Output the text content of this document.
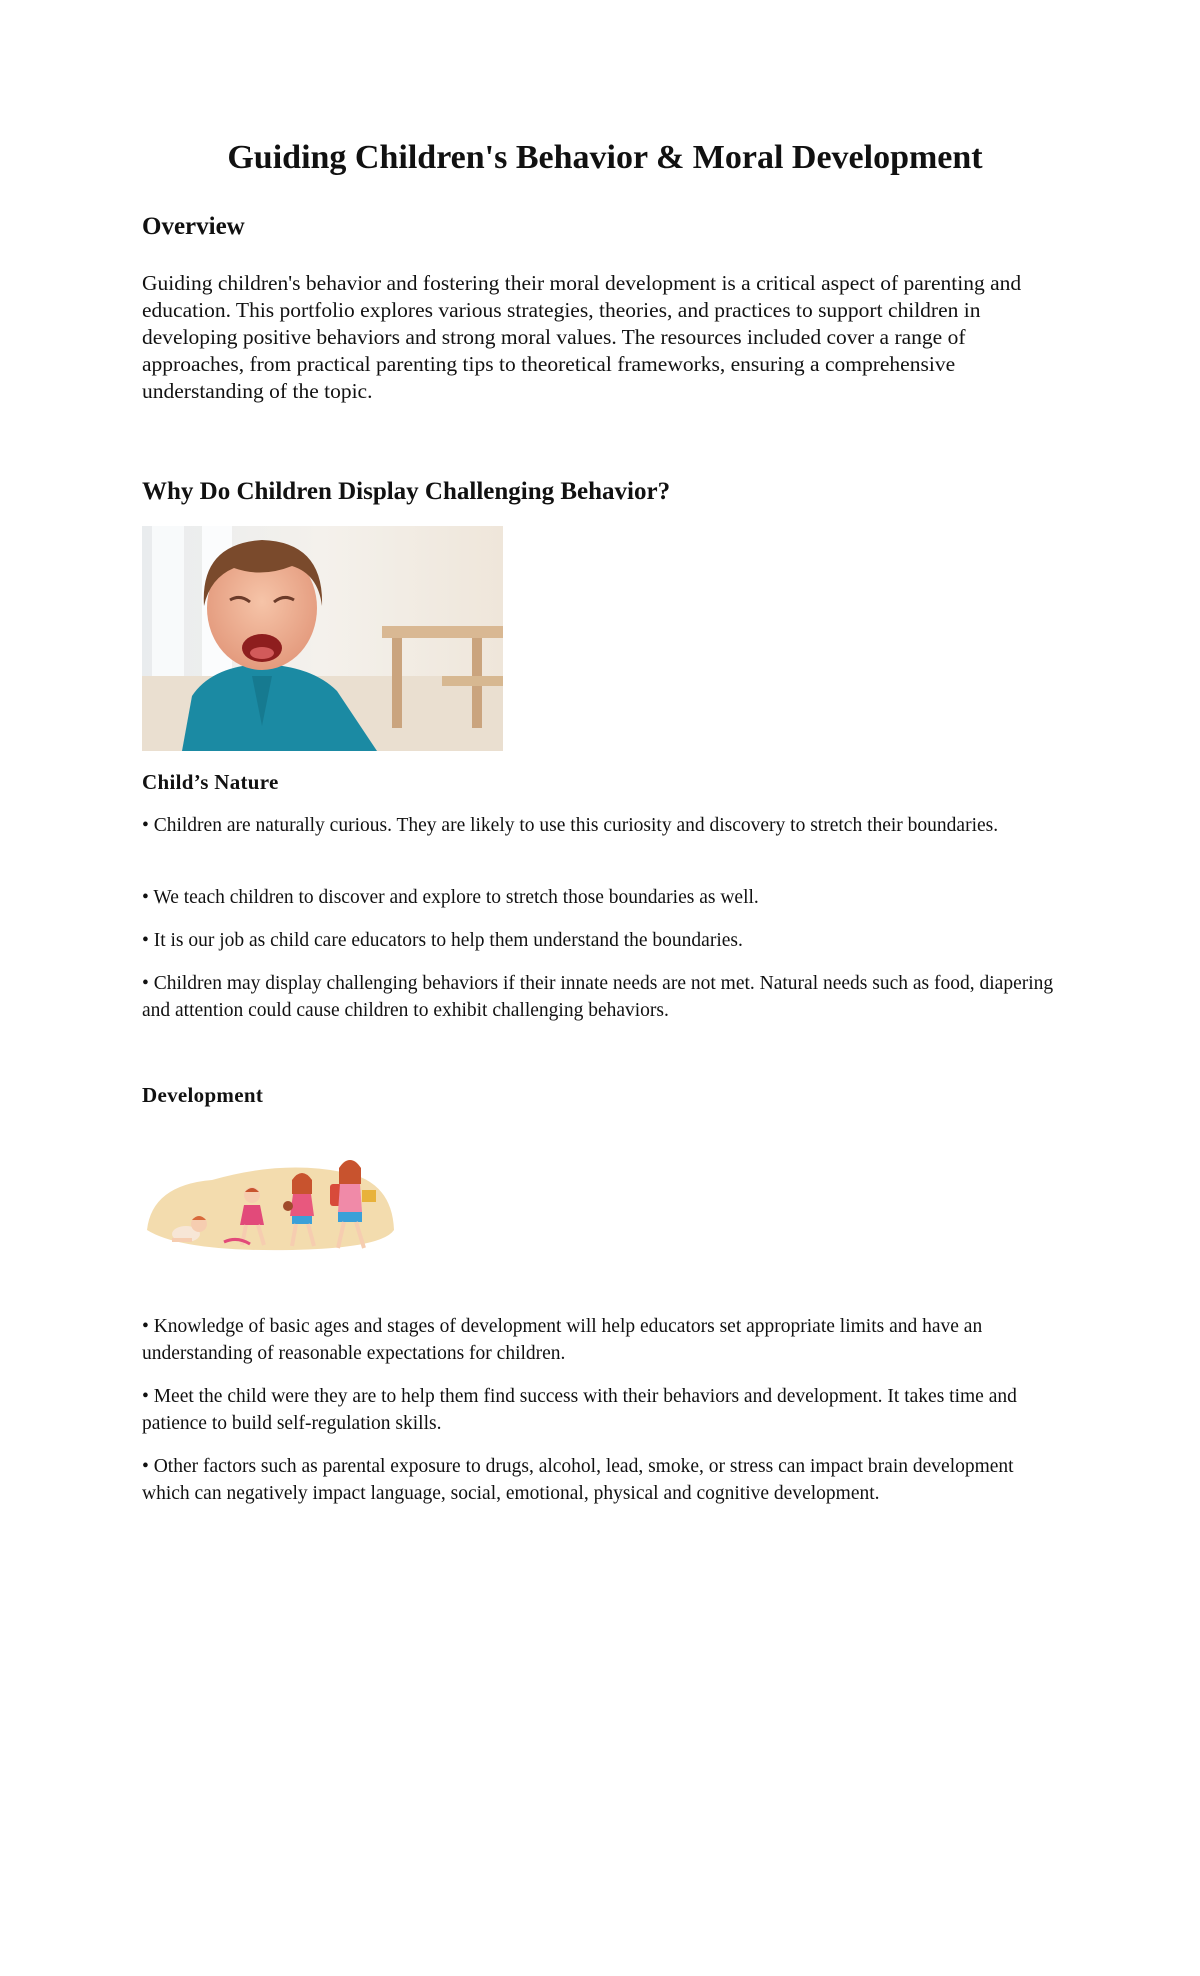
Guiding Children's Behavior & Moral Development
Overview

Guiding children's behavior and fostering their moral development is a critical aspect of parenting and education. This portfolio explores various strategies, theories, and practices to support children in developing positive behaviors and strong moral values. The resources included cover a range of approaches, from practical parenting tips to theoretical frameworks, ensuring a comprehensive understanding of the topic.

Why Do Children Display Challenging Behavior?
Child’s Nature

• Children are naturally curious. They are likely to use this curiosity and discovery to stretch their boundaries.

• We teach children to discover and explore to stretch those boundaries as well.

• It is our job as child care educators to help them understand the boundaries.

• Children may display challenging behaviors if their innate needs are not met. Natural needs such as food, diapering and attention could cause children to exhibit challenging behaviors.

Development

• Knowledge of basic ages and stages of development will help educators set appropriate limits and have an understanding of reasonable expectations for children.

• Meet the child were they are to help them find success with their behaviors and development. It takes time and patience to build self-regulation skills.

• Other factors such as parental exposure to drugs, alcohol, lead, smoke, or stress can impact brain development which can negatively impact language, social, emotional, physical and cognitive development.
